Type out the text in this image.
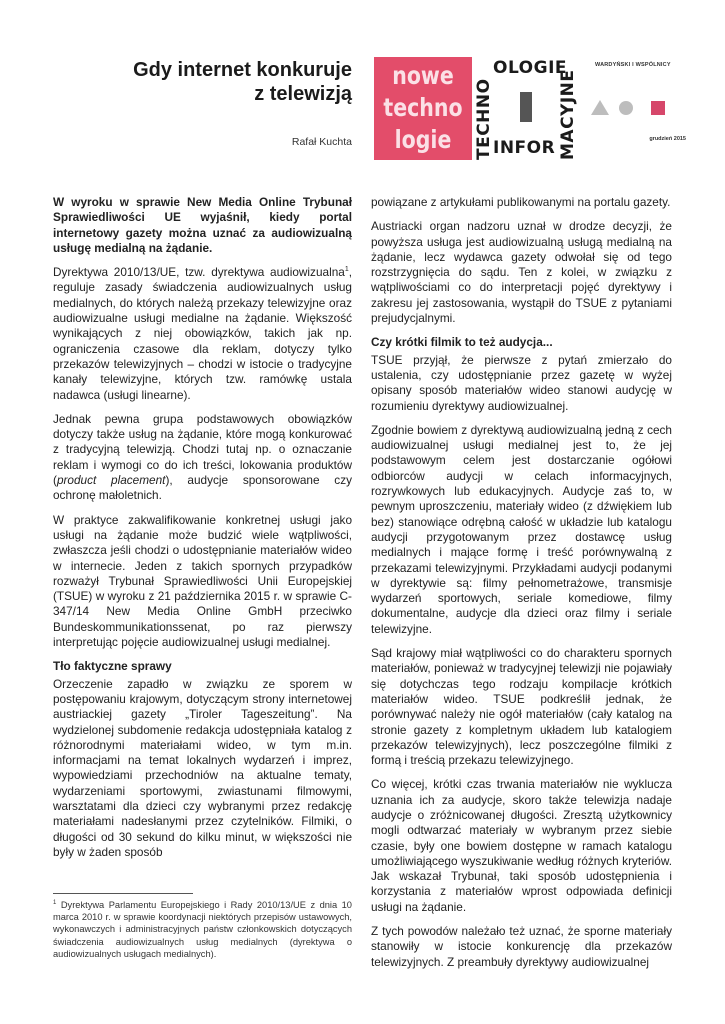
Gdy internet konkuruje
z telewizją
Rafał Kuchta
nowe
techno
logie	TECHNO
OLOGIE
INFOR MACYJNE
WARDYŃSKI I WSPÓLNICY
grudzień 2015

W wyroku w sprawie New Media Online Trybunał Sprawiedliwości UE wyjaśnił, kiedy portal internetowy gazety można uznać za audiowizualną usługę medialną na żądanie.

Dyrektywa 2010/13/UE, tzw. dyrektywa audiowizualna$^1$, reguluje zasady świadczenia audiowizualnych usług medialnych, do których należą przekazy telewizyjne oraz audiowizualne usługi medialne na żądanie. Większość wynikających z niej obowiązków, takich jak np. ograniczenia czasowe dla reklam, dotyczy tylko przekazów telewizyjnych – chodzi w istocie o tradycyjne kanały telewizyjne, których tzw. ramówkę ustala nadawca (usługi linearne).

Jednak pewna grupa podstawowych obowiązków dotyczy także usług na żądanie, które mogą konkurować z tradycyjną telewizją. Chodzi tutaj np. o oznaczanie reklam i wymogi co do ich treści, lokowania produktów (product placement), audycje sponsorowane czy ochronę małoletnich.

W praktyce zakwalifikowanie konkretnej usługi jako usługi na żądanie może budzić wiele wątpliwości, zwłaszcza jeśli chodzi o udostępnianie materiałów wideo w internecie. Jeden z takich spornych przypadków rozważył Trybunał Sprawiedliwości Unii Europejskiej (TSUE) w wyroku z 21 października 2015 r. w sprawie C-347/14 New Media Online GmbH przeciwko Bundeskommunikationssenat, po raz pierwszy interpretując pojęcie audiowizualnej usługi medialnej.

Tło faktyczne sprawy

Orzeczenie zapadło w związku ze sporem w postępowaniu krajowym, dotyczącym strony internetowej austriackiej gazety „Tiroler Tageszeitung”. Na wydzielonej subdomenie redakcja udostępniała katalog z różnorodnymi materiałami wideo, w tym m.in. informacjami na temat lokalnych wydarzeń i imprez, wypowiedziami przechodniów na aktualne tematy, wydarzeniami sportowymi, zwiastunami filmowymi, warsztatami dla dzieci czy wybranymi przez redakcję materiałami nadesłanymi przez czytelników. Filmiki, o długości od 30 sekund do kilku minut, w większości nie były w żaden sposób

$^1$ Dyrektywa Parlamentu Europejskiego i Rady 2010/13/UE z dnia 10 marca 2010 r. w sprawie koordynacji niektórych przepisów ustawowych, wykonawczych i administracyjnych państw członkowskich dotyczących świadczenia audiowizualnych usług medialnych (dyrektywa o audiowizualnych usługach medialnych).

powiązane z artykułami publikowanymi na portalu gazety.

Austriacki organ nadzoru uznał w drodze decyzji, że powyższa usługa jest audiowizualną usługą medialną na żądanie, lecz wydawca gazety odwołał się od tego rozstrzygnięcia do sądu. Ten z kolei, w związku z wątpliwościami co do interpretacji pojęć dyrektywy i zakresu jej zastosowania, wystąpił do TSUE z pytaniami prejudycjalnymi.

Czy krótki filmik to też audycja...

TSUE przyjął, że pierwsze z pytań zmierzało do ustalenia, czy udostępnianie przez gazetę w wyżej opisany sposób materiałów wideo stanowi audycję w rozumieniu dyrektywy audiowizualnej.

Zgodnie bowiem z dyrektywą audiowizualną jedną z cech audiowizualnej usługi medialnej jest to, że jej podstawowym celem jest dostarczanie ogółowi odbiorców audycji w celach informacyjnych, rozrywkowych lub edukacyjnych. Audycje zaś to, w pewnym uproszczeniu, materiały wideo (z dźwiękiem lub bez) stanowiące odrębną całość w układzie lub katalogu audycji przygotowanym przez dostawcę usług medialnych i mające formę i treść porównywalną z przekazami telewizyjnymi. Przykładami audycji podanymi w dyrektywie są: filmy pełnometrażowe, transmisje wydarzeń sportowych, seriale komediowe, filmy dokumentalne, audycje dla dzieci oraz filmy i seriale telewizyjne.

Sąd krajowy miał wątpliwości co do charakteru spornych materiałów, ponieważ w tradycyjnej telewizji nie pojawiały się dotychczas tego rodzaju kompilacje krótkich materiałów wideo. TSUE podkreślił jednak, że porównywać należy nie ogół materiałów (cały katalog na stronie gazety z kompletnym układem lub katalogiem przekazów telewizyjnych), lecz poszczególne filmiki z formą i treścią przekazu telewizyjnego.

Co więcej, krótki czas trwania materiałów nie wyklucza uznania ich za audycje, skoro także telewizja nadaje audycje o zróżnicowanej długości. Zresztą użytkownicy mogli odtwarzać materiały w wybranym przez siebie czasie, były one bowiem dostępne w ramach katalogu umożliwiającego wyszukiwanie według różnych kryteriów. Jak wskazał Trybunał, taki sposób udostępnienia i korzystania z materiałów wprost odpowiada definicji usługi na żądanie.

Z tych powodów należało też uznać, że sporne materiały stanowiły w istocie konkurencję dla przekazów telewizyjnych. Z preambuły dyrektywy audiowizualnej
